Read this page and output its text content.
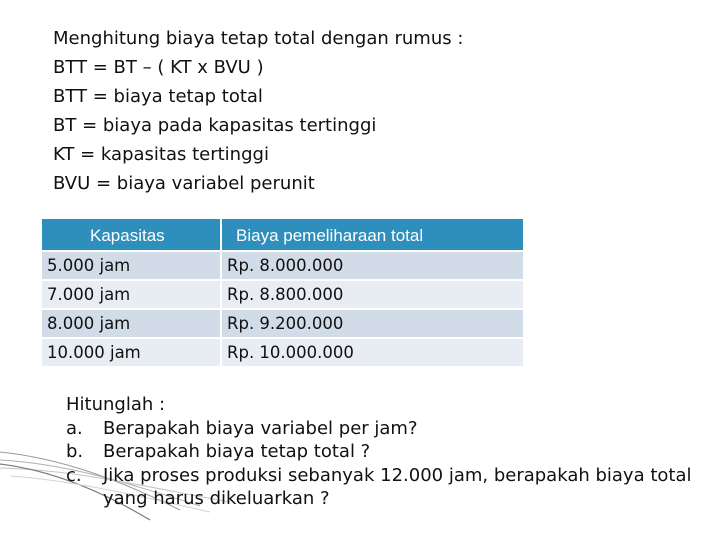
Menghitung biaya tetap total dengan rumus :
BTT = BT – ( KT x BVU )
BTT = biaya tetap total
BT = biaya pada kapasitas tertinggi
KT = kapasitas tertinggi
BVU = biaya variabel perunit
Kapasitas	Biaya pemeliharaan total

5.000 jam	Rp. 8.000.000
7.000 jam	Rp. 8.800.000
8.000 jam	Rp. 9.200.000
10.000 jam	Rp. 10.000.000
Hitunglah :
a.	Berapakah biaya variabel per jam?
b.	Berapakah biaya tetap total ?
c.	Jika proses produksi sebanyak 12.000 jam, berapakah biaya total yang harus dikeluarkan ?
